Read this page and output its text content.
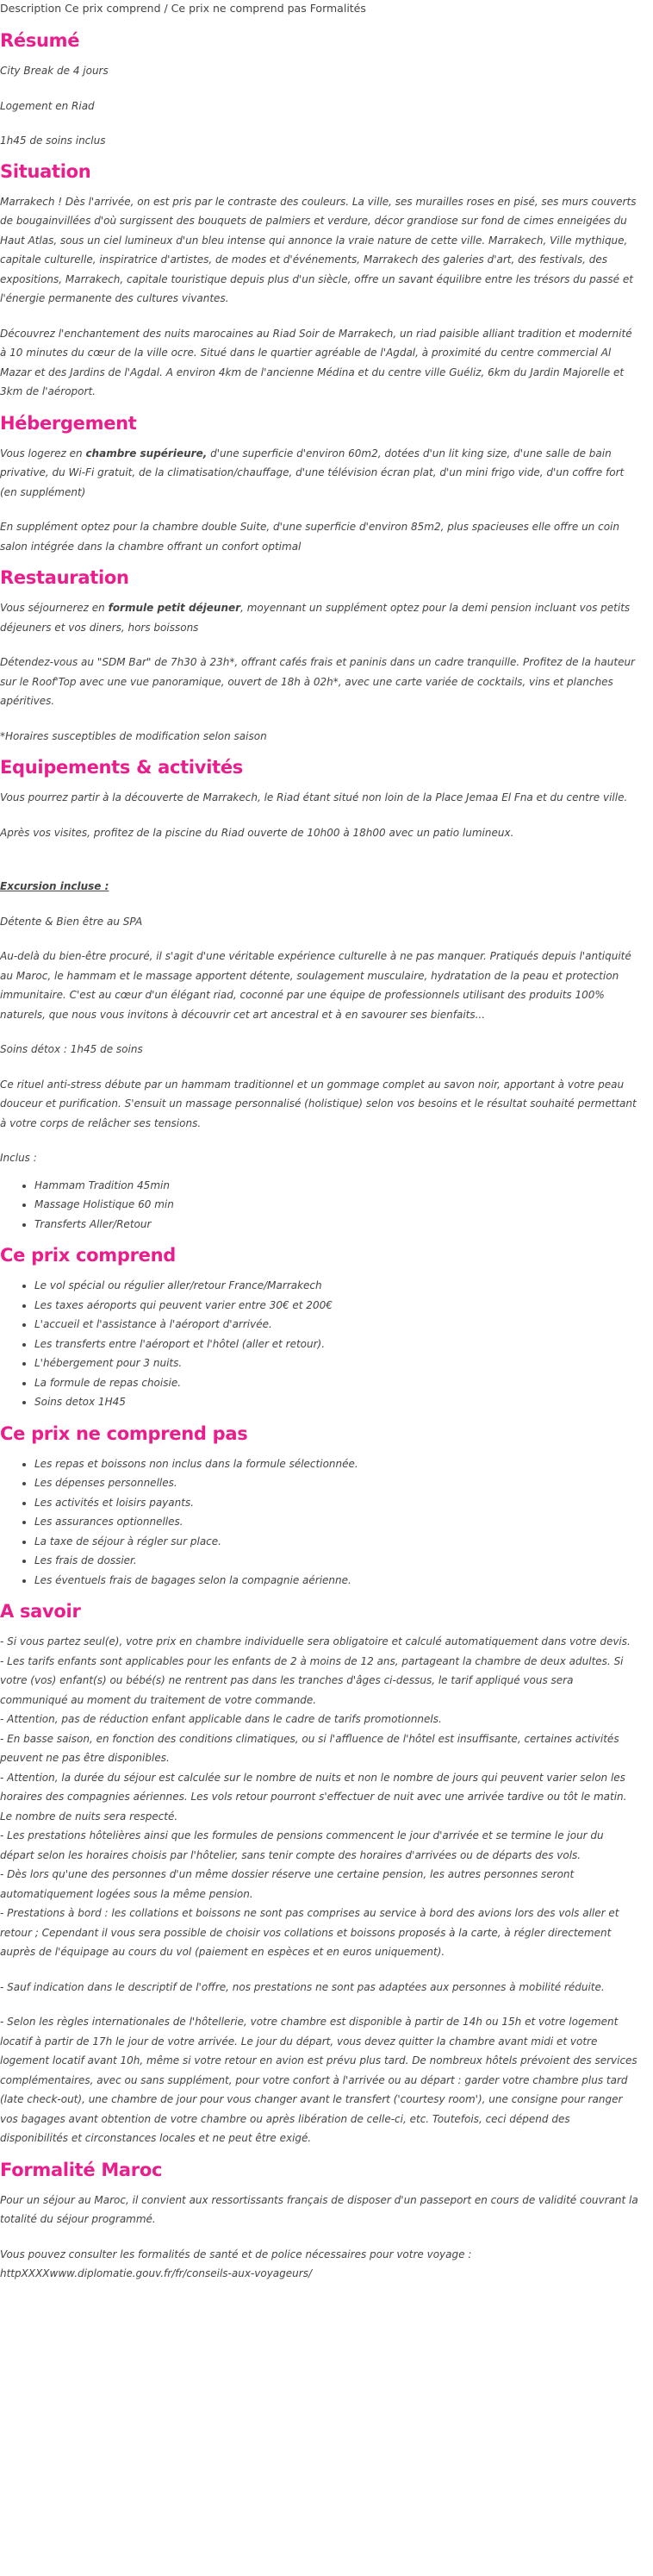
Description Ce prix comprend / Ce prix ne comprend pas Formalités
Résumé

City Break de 4 jours

Logement en Riad

1h45 de soins inclus

Situation

Marrakech ! Dès l'arrivée, on est pris par le contraste des couleurs. La ville, ses murailles roses en pisé, ses murs couverts de bougainvillées d'où surgissent des bouquets de palmiers et verdure, décor grandiose sur fond de cimes enneigées du Haut Atlas, sous un ciel lumineux d'un bleu intense qui annonce la vraie nature de cette ville. Marrakech, Ville mythique, capitale culturelle, inspiratrice d'artistes, de modes et d'événements, Marrakech des galeries d'art, des festivals, des expositions, Marrakech, capitale touristique depuis plus d'un siècle, offre un savant équilibre entre les trésors du passé et l'énergie permanente des cultures vivantes.

Découvrez l'enchantement des nuits marocaines au Riad Soir de Marrakech, un riad paisible alliant tradition et modernité à 10 minutes du cœur de la ville ocre. Situé dans le quartier agréable de l'Agdal, à proximité du centre commercial Al Mazar et des Jardins de l'Agdal. A environ 4km de l'ancienne Médina et du centre ville Guéliz, 6km du Jardin Majorelle et 3km de l'aéroport.

Hébergement

Vous logerez en chambre supérieure, d'une superficie d'environ 60m2, dotées d'un lit king size, d'une salle de bain privative, du Wi-Fi gratuit, de la climatisation/chauffage, d'une télévision écran plat, d'un mini frigo vide, d'un coffre fort (en supplément)

En supplément optez pour la chambre double Suite, d'une superficie d'environ 85m2, plus spacieuses elle offre un coin salon intégrée dans la chambre offrant un confort optimal

Restauration

Vous séjournerez en formule petit déjeuner, moyennant un supplément optez pour la demi pension incluant vos petits déjeuners et vos diners, hors boissons

Détendez-vous au "SDM Bar" de 7h30 à 23h*, offrant cafés frais et paninis dans un cadre tranquille. Profitez de la hauteur sur le Roof'Top avec une vue panoramique, ouvert de 18h à 02h*, avec une carte variée de cocktails, vins et planches apéritives.

*Horaires susceptibles de modification selon saison

Equipements & activités

Vous pourrez partir à la découverte de Marrakech, le Riad étant situé non loin de la Place Jemaa El Fna et du centre ville.

Après vos visites, profitez de la piscine du Riad ouverte de 10h00 à 18h00 avec un patio lumineux.

Excursion incluse :

Détente & Bien être au SPA

Au-delà du bien-être procuré, il s'agit d'une véritable expérience culturelle à ne pas manquer. Pratiqués depuis l'antiquité au Maroc, le hammam et le massage apportent détente, soulagement musculaire, hydratation de la peau et protection immunitaire. C'est au cœur d'un élégant riad, coconné par une équipe de professionnels utilisant des produits 100% naturels, que nous vous invitons à découvrir cet art ancestral et à en savourer ses bienfaits...

Soins détox : 1h45 de soins

Ce rituel anti-stress débute par un hammam traditionnel et un gommage complet au savon noir, apportant à votre peau douceur et purification. S'ensuit un massage personnalisé (holistique) selon vos besoins et le résultat souhaité permettant à votre corps de relâcher ses tensions.

Inclus :

• Hammam Tradition 45min
• Massage Holistique 60 min
• Transferts Aller/Retour
Ce prix comprend
• Le vol spécial ou régulier aller/retour France/Marrakech
• Les taxes aéroports qui peuvent varier entre 30€ et 200€
• L'accueil et l'assistance à l'aéroport d'arrivée.
• Les transferts entre l'aéroport et l'hôtel (aller et retour).
• L'hébergement pour 3 nuits.
• La formule de repas choisie.
• Soins detox 1H45
Ce prix ne comprend pas
• Les repas et boissons non inclus dans la formule sélectionnée.
• Les dépenses personnelles.
• Les activités et loisirs payants.
• Les assurances optionnelles.
• La taxe de séjour à régler sur place.
• Les frais de dossier.
• Les éventuels frais de bagages selon la compagnie aérienne.
A savoir

- Si vous partez seul(e), votre prix en chambre individuelle sera obligatoire et calculé automatiquement dans votre devis.
- Les tarifs enfants sont applicables pour les enfants de 2 à moins de 12 ans, partageant la chambre de deux adultes. Si votre (vos) enfant(s) ou bébé(s) ne rentrent pas dans les tranches d'âges ci-dessus, le tarif appliqué vous sera communiqué au moment du traitement de votre commande.
- Attention, pas de réduction enfant applicable dans le cadre de tarifs promotionnels.
- En basse saison, en fonction des conditions climatiques, ou si l'affluence de l'hôtel est insuffisante, certaines activités peuvent ne pas être disponibles.
- Attention, la durée du séjour est calculée sur le nombre de nuits et non le nombre de jours qui peuvent varier selon les horaires des compagnies aériennes. Les vols retour pourront s'effectuer de nuit avec une arrivée tardive ou tôt le matin. Le nombre de nuits sera respecté.
- Les prestations hôtelières ainsi que les formules de pensions commencent le jour d'arrivée et se termine le jour du départ selon les horaires choisis par l'hôtelier, sans tenir compte des horaires d'arrivées ou de départs des vols.
- Dès lors qu'une des personnes d'un même dossier réserve une certaine pension, les autres personnes seront automatiquement logées sous la même pension.
- Prestations à bord : les collations et boissons ne sont pas comprises au service à bord des avions lors des vols aller et retour ; Cependant il vous sera possible de choisir vos collations et boissons proposés à la carte, à régler directement auprès de l'équipage au cours du vol (paiement en espèces et en euros uniquement).

- Sauf indication dans le descriptif de l'offre, nos prestations ne sont pas adaptées aux personnes à mobilité réduite.

- Selon les règles internationales de l'hôtellerie, votre chambre est disponible à partir de 14h ou 15h et votre logement locatif à partir de 17h le jour de votre arrivée. Le jour du départ, vous devez quitter la chambre avant midi et votre logement locatif avant 10h, même si votre retour en avion est prévu plus tard. De nombreux hôtels prévoient des services complémentaires, avec ou sans supplément, pour votre confort à l'arrivée ou au départ : garder votre chambre plus tard (late check-out), une chambre de jour pour vous changer avant le transfert ('courtesy room'), une consigne pour ranger vos bagages avant obtention de votre chambre ou après libération de celle-ci, etc. Toutefois, ceci dépend des disponibilités et circonstances locales et ne peut être exigé.

Formalité Maroc

Pour un séjour au Maroc, il convient aux ressortissants français de disposer d'un passeport en cours de validité couvrant la totalité du séjour programmé.

Vous pouvez consulter les formalités de santé et de police nécessaires pour votre voyage : httpXXXXwww.diplomatie.gouv.fr/fr/conseils-aux-voyageurs/
